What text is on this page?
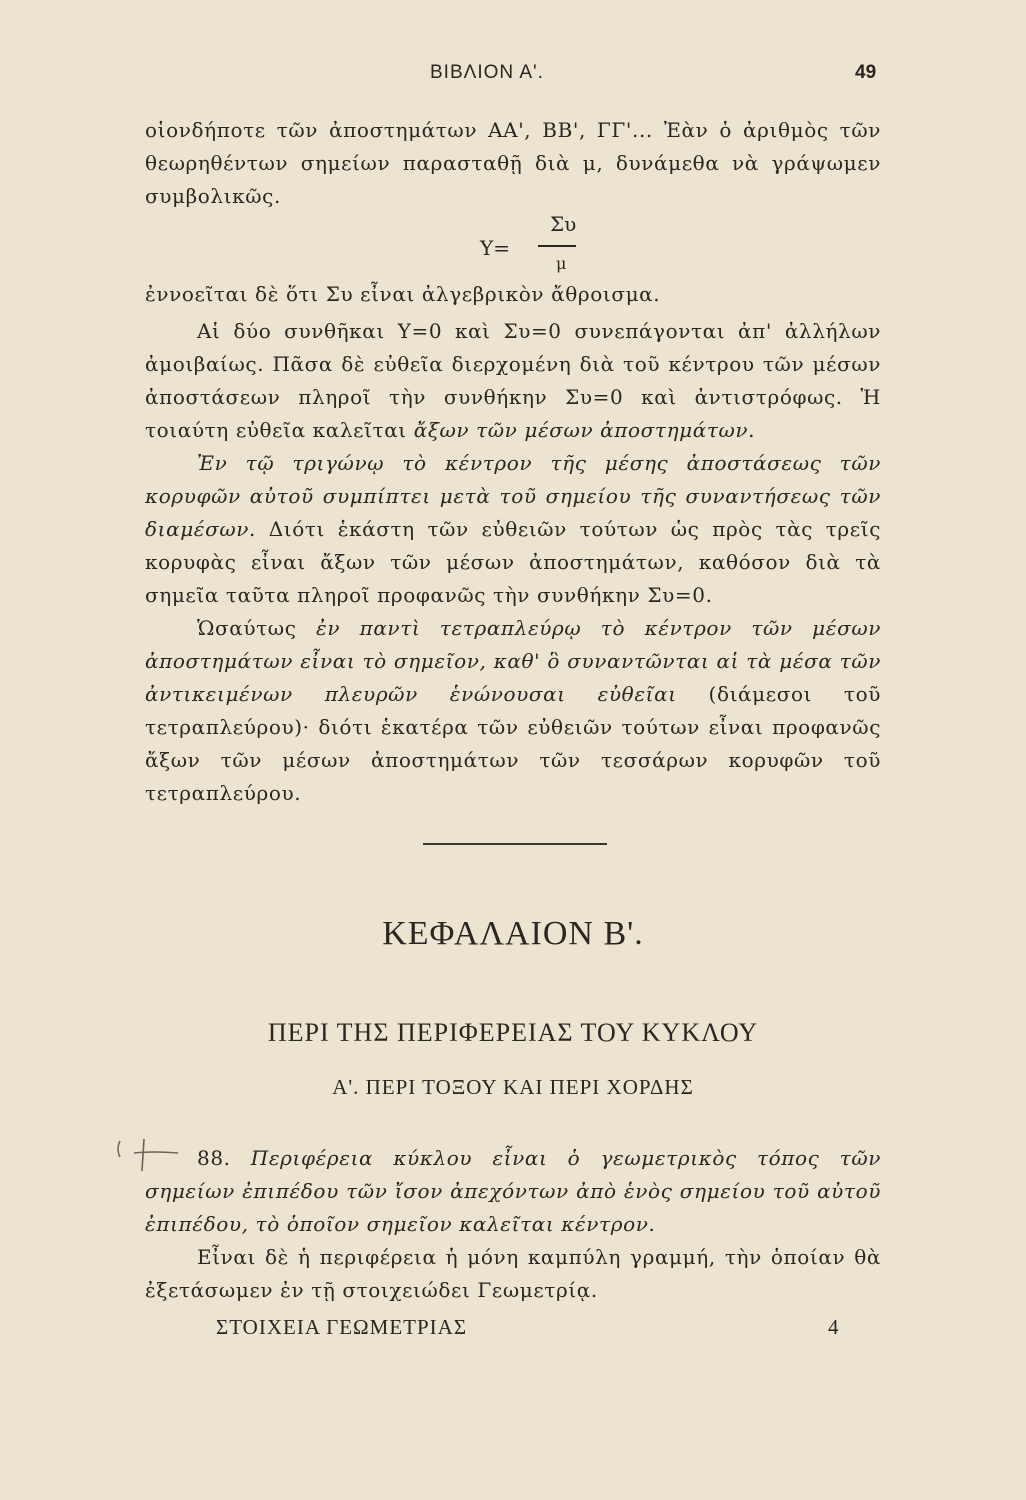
ΒΙΒΛΙΟΝ Α'.	49
οἱονδήποτε τῶν ἀποστημάτων ΑΑ', ΒΒ', ΓΓ'... Ἐὰν ὁ ἀριθμὸς τῶν θεωρηθέντων σημείων παρασταθῇ διὰ μ, δυνάμεθα νὰ γράψωμεν συμβολικῶς.
Υ=
Συ
μ
ἐννοεῖται δὲ ὅτι Συ εἶναι ἀλγεβρικὸν ἄθροισμα.

Αἱ δύο συνθῆκαι Υ=0 καὶ Συ=0 συνεπάγονται ἀπ' ἀλλήλων ἀμοιβαίως. Πᾶσα δὲ εὐθεῖα διερχομένη διὰ τοῦ κέντρου τῶν μέσων ἀποστάσεων πληροῖ τὴν συνθήκην Συ=0 καὶ ἀντιστρόφως. Ἡ τοιαύτη εὐθεῖα καλεῖται ἄξων τῶν μέσων ἀποστημάτων.

Ἐν τῷ τριγώνῳ τὸ κέντρον τῆς μέσης ἀποστάσεως τῶν κορυφῶν αὐτοῦ συμπίπτει μετὰ τοῦ σημείου τῆς συναντήσεως τῶν διαμέσων. Διότι ἑκάστη τῶν εὐθειῶν τούτων ὡς πρὸς τὰς τρεῖς κορυφὰς εἶναι ἄξων τῶν μέσων ἀποστημάτων, καθόσον διὰ τὰ σημεῖα ταῦτα πληροῖ προφανῶς τὴν συνθήκην Συ=0.

Ὡσαύτως ἐν παντὶ τετραπλεύρῳ τὸ κέντρον τῶν μέσων ἀποστημάτων εἶναι τὸ σημεῖον, καθ' ὃ συναντῶνται αἱ τὰ μέσα τῶν ἀντικειμένων πλευρῶν ἑνώνουσαι εὐθεῖαι (διάμεσοι τοῦ τετραπλεύρου)· διότι ἑκατέρα τῶν εὐθειῶν τούτων εἶναι προφανῶς ἄξων τῶν μέσων ἀποστημάτων τῶν τεσσάρων κορυφῶν τοῦ τετραπλεύρου.

ΚΕΦΑΛΑΙΟΝ Β'.
ΠΕΡΙ ΤΗΣ ΠΕΡΙΦΕΡΕΙΑΣ ΤΟΥ ΚΥΚΛΟΥ
Α'. ΠΕΡΙ ΤΟΞΟΥ ΚΑΙ ΠΕΡΙ ΧΟΡΔΗΣ

88. Περιφέρεια κύκλου εἶναι ὁ γεωμετρικὸς τόπος τῶν σημείων ἐπιπέδου τῶν ἴσον ἀπεχόντων ἀπὸ ἑνὸς σημείου τοῦ αὐτοῦ ἐπιπέδου, τὸ ὁποῖον σημεῖον καλεῖται κέντρον.

Εἶναι δὲ ἡ περιφέρεια ἡ μόνη καμπύλη γραμμή, τὴν ὁποίαν θὰ ἐξετάσωμεν ἐν τῇ στοιχειώδει Γεωμετρίᾳ.

ΣΤΟΙΧΕΙΑ ΓΕΩΜΕΤΡΙΑΣ	4
